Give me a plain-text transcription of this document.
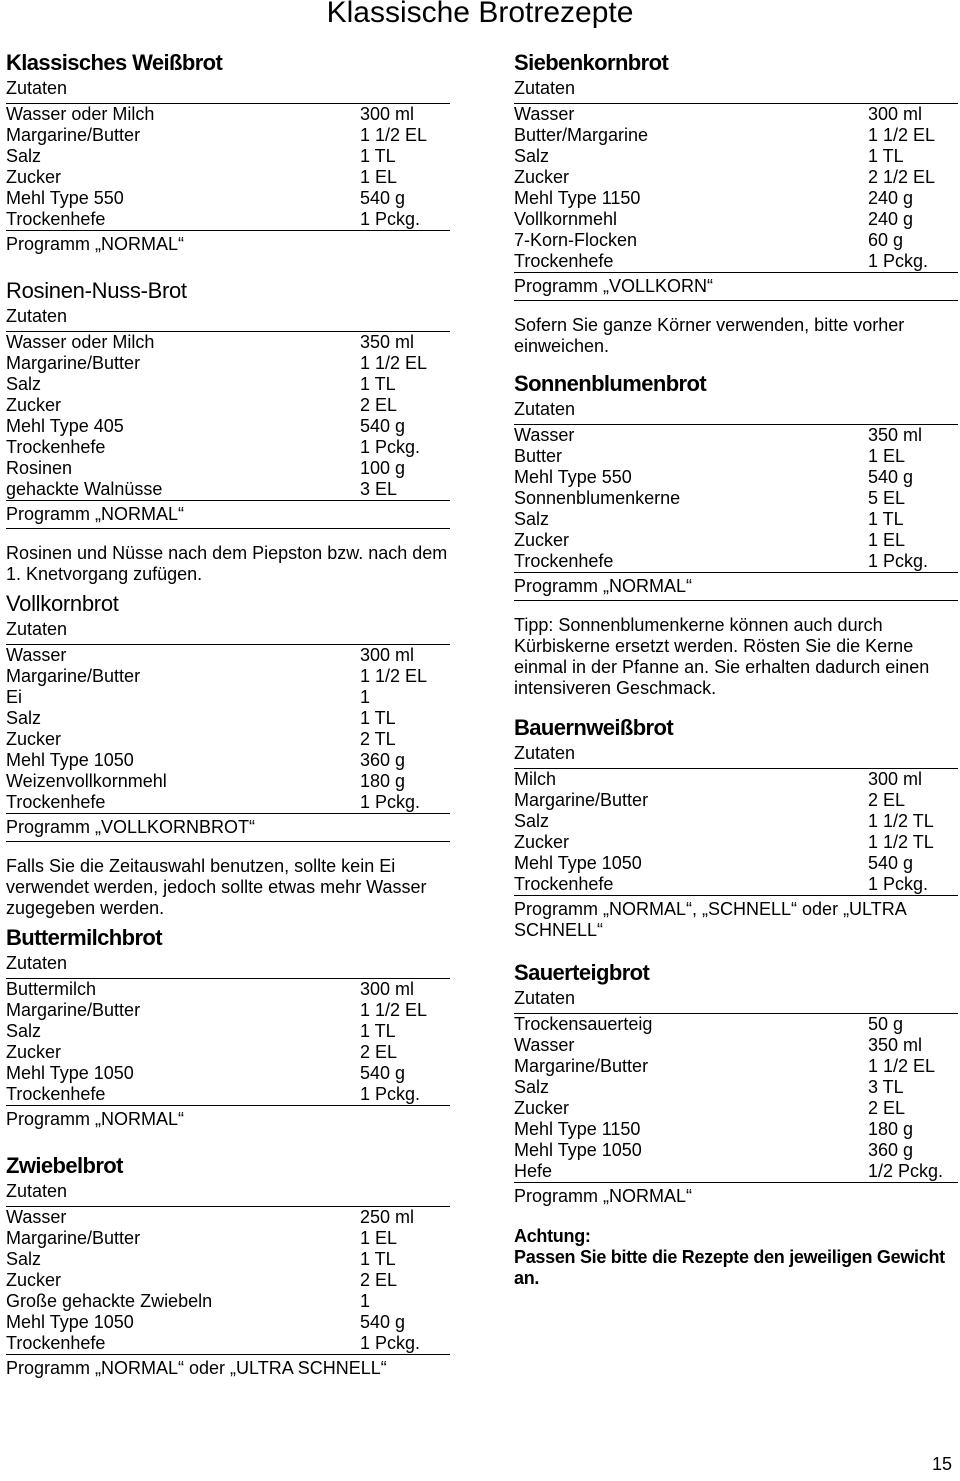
Klassische Brotrezepte
Klassisches Weißbrot
Zutaten
Wasser oder Milch	300 ml
Margarine/Butter	1 1/2 EL
Salz	1 TL
Zucker	1 EL
Mehl Type 550	540 g
Trockenhefe	1 Pckg.
Programm „NORMAL“
Rosinen-Nuss-Brot
Zutaten
Wasser oder Milch	350 ml
Margarine/Butter	1 1/2 EL
Salz	1 TL
Zucker	2 EL
Mehl Type 405	540 g
Trockenhefe	1 Pckg.
Rosinen	100 g
gehackte Walnüsse	3 EL
Programm „NORMAL“

Rosinen und Nüsse nach dem Piepston bzw. nach dem 1. Knetvorgang zufügen.

Vollkornbrot
Zutaten
Wasser	300 ml
Margarine/Butter	1 1/2 EL
Ei	1
Salz	1 TL
Zucker	2 TL
Mehl Type 1050	360 g
Weizenvollkornmehl	180 g
Trockenhefe	1 Pckg.
Programm „VOLLKORNBROT“

Falls Sie die Zeitauswahl benutzen, sollte kein Ei verwendet werden, jedoch sollte etwas mehr Wasser zugegeben werden.

Buttermilchbrot
Zutaten
Buttermilch	300 ml
Margarine/Butter	1 1/2 EL
Salz	1 TL
Zucker	2 EL
Mehl Type 1050	540 g
Trockenhefe	1 Pckg.
Programm „NORMAL“
Zwiebelbrot
Zutaten
Wasser	250 ml
Margarine/Butter	1 EL
Salz	1 TL
Zucker	2 EL
Große gehackte Zwiebeln	1
Mehl Type 1050	540 g
Trockenhefe	1 Pckg.
Programm „NORMAL“ oder „ULTRA SCHNELL“
Siebenkornbrot
Zutaten
Wasser	300 ml
Butter/Margarine	1 1/2 EL
Salz	1 TL
Zucker	2 1/2 EL
Mehl Type 1150	240 g
Vollkornmehl	240 g
7-Korn-Flocken	60 g
Trockenhefe	1 Pckg.
Programm „VOLLKORN“

Sofern Sie ganze Körner verwenden, bitte vorher einweichen.

Sonnenblumenbrot
Zutaten
Wasser	350 ml
Butter	1 EL
Mehl Type 550	540 g
Sonnenblumenkerne	5 EL
Salz	1 TL
Zucker	1 EL
Trockenhefe	1 Pckg.
Programm „NORMAL“

Tipp: Sonnenblumenkerne können auch durch Kürbiskerne ersetzt werden. Rösten Sie die Kerne einmal in der Pfanne an. Sie erhalten dadurch einen intensiveren Geschmack.

Bauernweißbrot
Zutaten
Milch	300 ml
Margarine/Butter	2 EL
Salz	1 1/2 TL
Zucker	1 1/2 TL
Mehl Type 1050	540 g
Trockenhefe	1 Pckg.
Programm „NORMAL“, „SCHNELL“ oder „ULTRA SCHNELL“
Sauerteigbrot
Zutaten
Trockensauerteig	50 g
Wasser	350 ml
Margarine/Butter	1 1/2 EL
Salz	3 TL
Zucker	2 EL
Mehl Type 1150	180 g
Mehl Type 1050	360 g
Hefe	1/2 Pckg.
Programm „NORMAL“

Achtung:

Passen Sie bitte die Rezepte den jeweiligen Gewicht an.

15
